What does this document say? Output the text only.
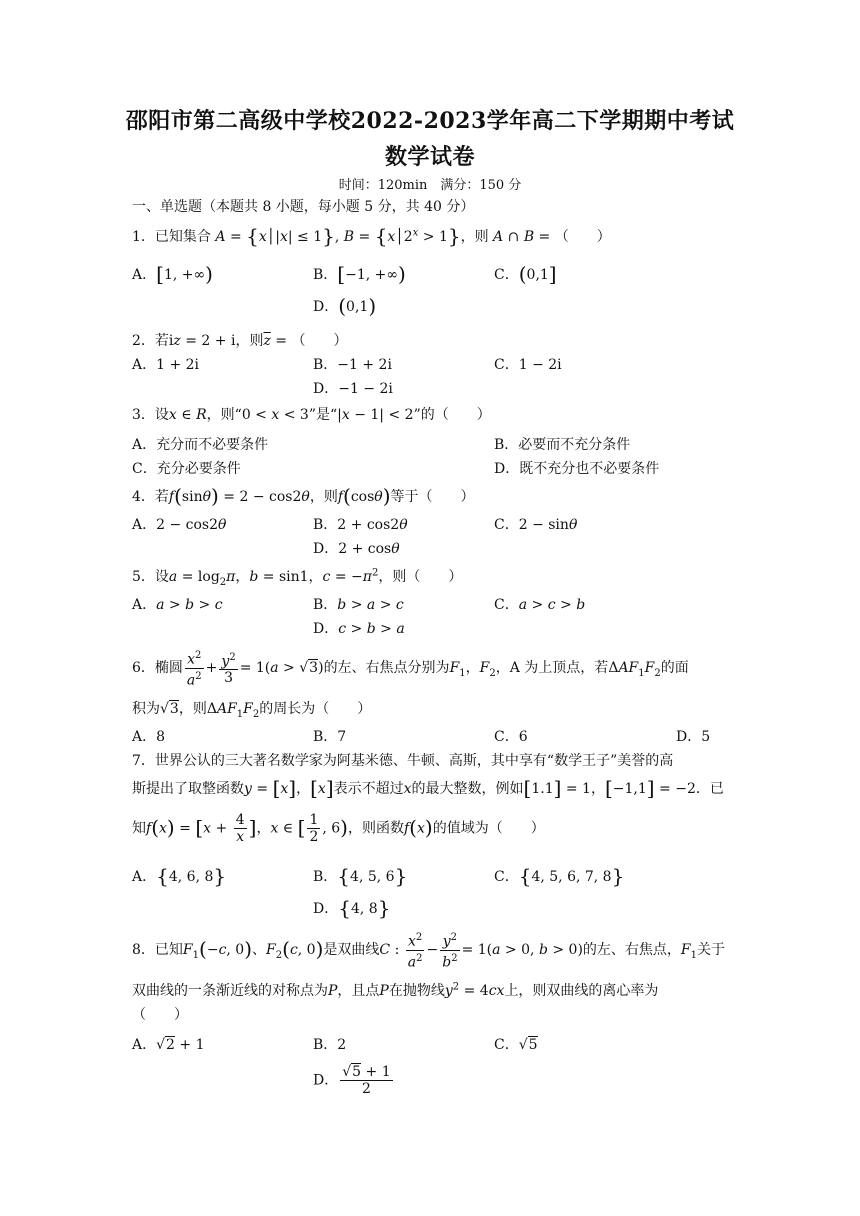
邵阳市第二高级中学校2022-2023学年高二下学期期中考试
数学试卷
时间：120min　满分：150 分
一、单选题（本题共 8 小题，每小题 5 分，共 40 分）
1．已知集合 A = {x│|x| ≤ 1}, $B = \{x│2^x > 1\}$，则 A ∩ B = （　　）
A．[1, +∞)	B．[−1, +∞)	C．(0,1]
D．(0,1)
2．若iz = 2 + i，则$\overline{z}$ = （　　）
A．1 + 2i	B．−1 + 2i	C．1 − 2i
D．−1 − 2i
3．设x ∈ R，则“0 < x < 3”是“|x − 1| < 2”的（　　）
A．充分而不必要条件	B．必要而不充分条件
C．充分必要条件	D．既不充分也不必要条件
4．若f(sinθ) = 2 − cos2θ，则f(cosθ)等于（　　）
A．2 − cos2θ	B．2 + cos2θ	C．2 − sinθ
D．2 + cosθ
5．设$a = \log_2\pi$，b = sin1，$c = -\pi^2$，则（　　）
A．a > b > c	B．b > a > c	C．a > c > b
D．c > b > a
6．椭圆 $\frac{x^2}{a^2} + \frac{y^2}{3} = 1(a > √3)$的左、右焦点分别为$F_1$，$F_2$，A 为上顶点，若$\Delta AF_1F_2$的面
积为√3，则$\Delta AF_1F_2$的周长为（　　）
A．8	B．7	C．6	D．5
7．世界公认的三大著名数学家为阿基米德、牛顿、高斯，其中享有“数学王子”美誉的高
斯提出了取整函数y = [x]，[x]表示不超过x的最大整数，例如[1.1] = 1，[−1,1] = −2．已
知$f(x) = [x + \frac{4}{x}$ ]，x ∈ [ $\frac{1}{2}$ , 6)，则函数f(x)的值域为（　　）
A．{4, 6, 8}	B．{4, 5, 6}	C．{4, 5, 6, 7, 8}
D．{4, 8}
8．已知$F_1(-c$, 0)、$F_2(c$, 0)是双曲线C : $\frac{x^2}{a^2} - \frac{y^2}{b^2} = 1(a > 0$, b > 0)的左、右焦点，$F_1$关于
双曲线的一条渐近线的对称点为P，且点P在抛物线$y^2 = 4cx$上，则双曲线的离心率为
（　　）
A．√2 + 1	B．2	C．√5
D． $\frac{√5 + 1}{2}$
